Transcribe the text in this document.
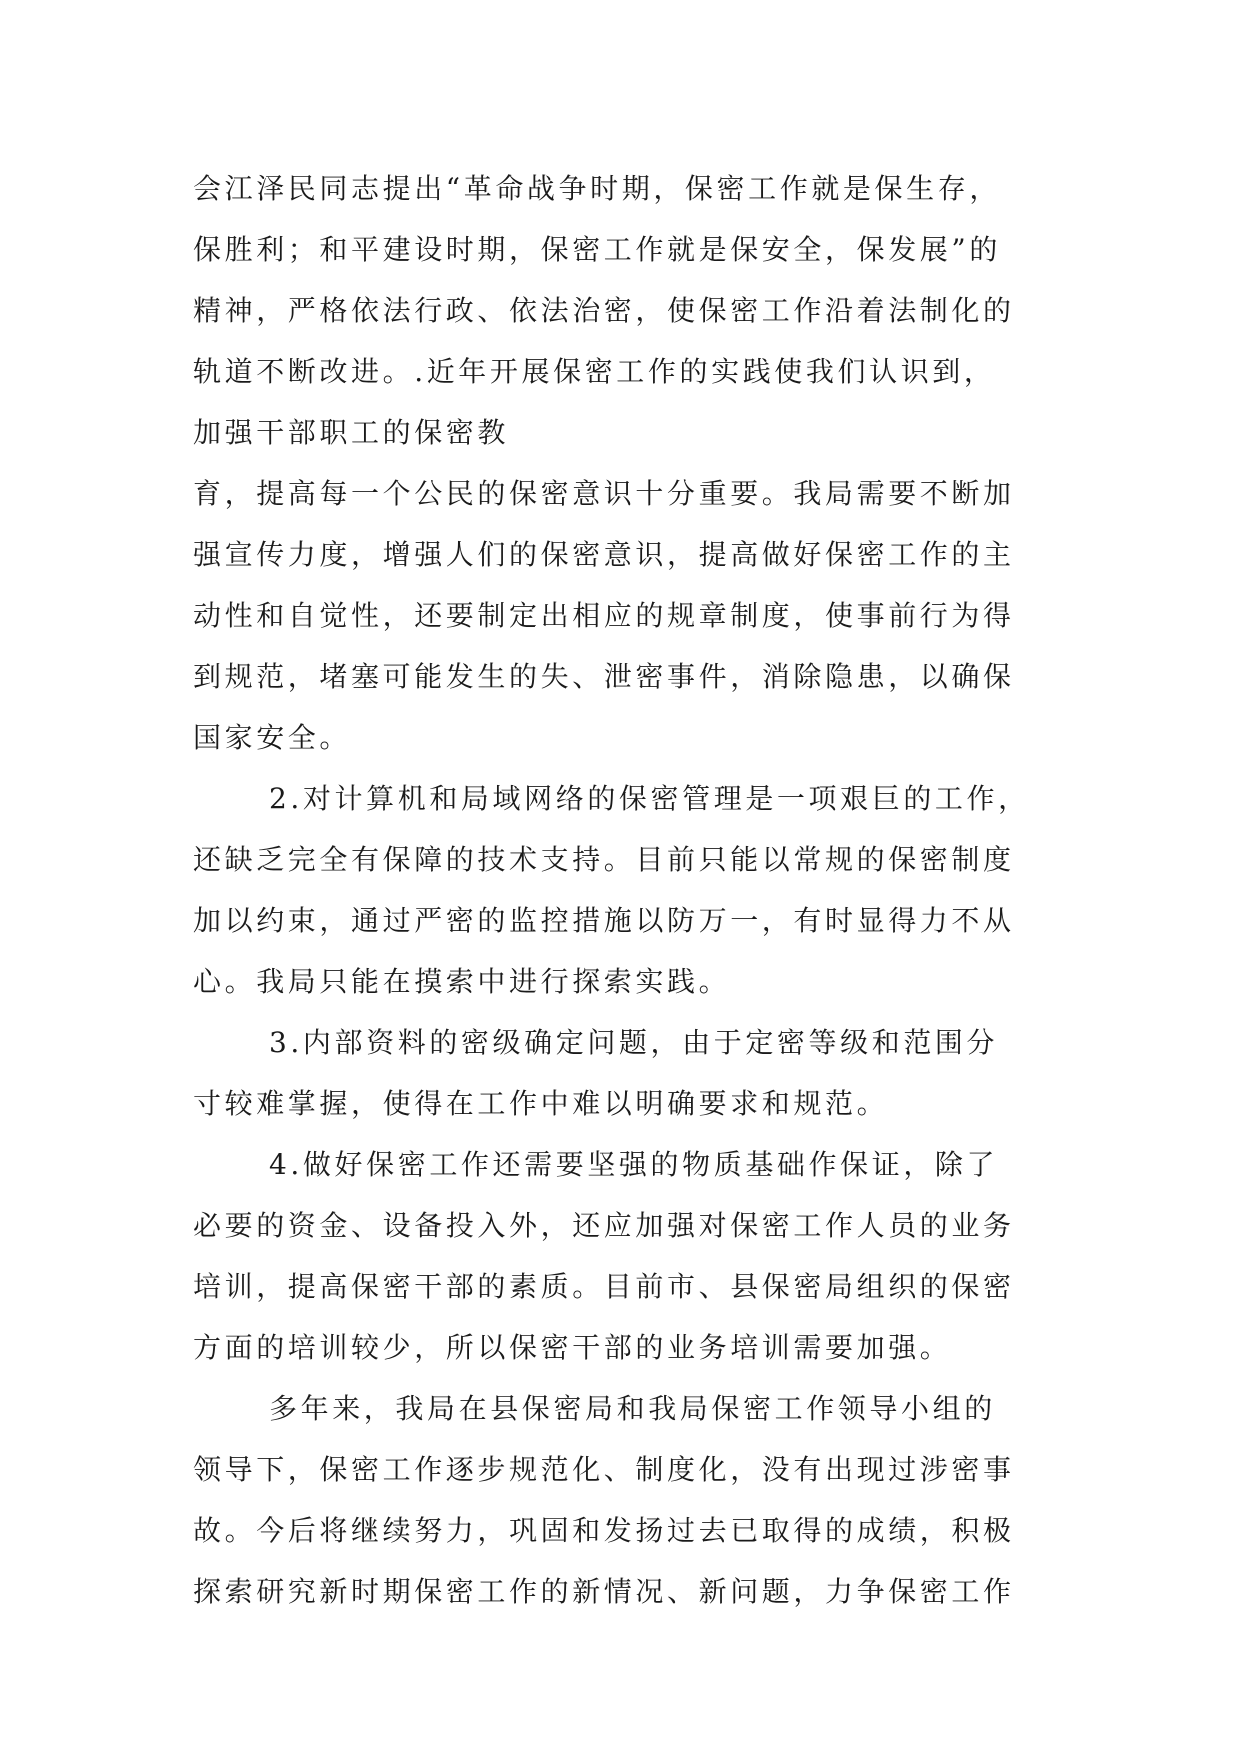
会江泽民同志提出“革命战争时期，保密工作就是保生存，
保胜利；和平建设时期，保密工作就是保安全，保发展”的
精神，严格依法行政、依法治密，使保密工作沿着法制化的
轨道不断改进。.近年开展保密工作的实践使我们认识到，
加强干部职工的保密教
育，提高每一个公民的保密意识十分重要。我局需要不断加
强宣传力度，增强人们的保密意识，提高做好保密工作的主
动性和自觉性，还要制定出相应的规章制度，使事前行为得
到规范，堵塞可能发生的失、泄密事件，消除隐患，以确保
国家安全。
2.对计算机和局域网络的保密管理是一项艰巨的工作，
还缺乏完全有保障的技术支持。目前只能以常规的保密制度
加以约束，通过严密的监控措施以防万一，有时显得力不从
心。我局只能在摸索中进行探索实践。
3.内部资料的密级确定问题，由于定密等级和范围分
寸较难掌握，使得在工作中难以明确要求和规范。
4.做好保密工作还需要坚强的物质基础作保证，除了
必要的资金、设备投入外，还应加强对保密工作人员的业务
培训，提高保密干部的素质。目前市、县保密局组织的保密
方面的培训较少，所以保密干部的业务培训需要加强。
多年来，我局在县保密局和我局保密工作领导小组的
领导下，保密工作逐步规范化、制度化，没有出现过涉密事
故。今后将继续努力，巩固和发扬过去已取得的成绩，积极
探索研究新时期保密工作的新情况、新问题，力争保密工作
